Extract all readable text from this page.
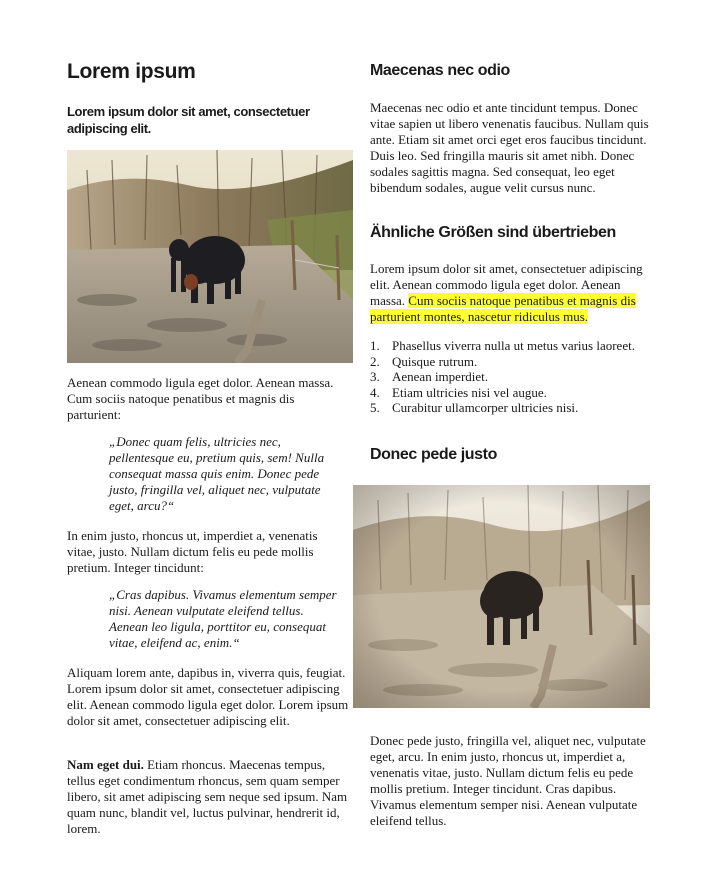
Lorem ipsum
Lorem ipsum dolor sit amet, consectetuer adipiscing elit.

Aenean commodo ligula eget dolor. Aenean massa. Cum sociis natoque penatibus et magnis dis parturient:

„Donec quam felis, ultricies nec, pellentesque eu, pretium quis, sem! Nulla consequat massa quis enim. Donec pede justo, fringilla vel, aliquet nec, vulputate eget, arcu?“

In enim justo, rhoncus ut, imperdiet a, venenatis vitae, justo. Nullam dictum felis eu pede mollis pretium. Integer tincidunt:

„Cras dapibus. Vivamus elementum semper nisi. Aenean vulputate eleifend tellus. Aenean leo ligula, porttitor eu, consequat vitae, eleifend ac, enim.“

Aliquam lorem ante, dapibus in, viverra quis, feugiat. Lorem ipsum dolor sit amet, consectetuer adipiscing elit. Aenean commodo ligula eget dolor. Lorem ipsum dolor sit amet, consectetuer adipiscing elit.

Nam eget dui. Etiam rhoncus. Maecenas tempus, tellus eget condimentum rhoncus, sem quam semper libero, sit amet adipiscing sem neque sed ipsum. Nam quam nunc, blandit vel, luctus pulvinar, hendrerit id, lorem.

Maecenas nec odio

Maecenas nec odio et ante tincidunt tempus. Donec vitae sapien ut libero venenatis faucibus. Nullam quis ante. Etiam sit amet orci eget eros faucibus tincidunt. Duis leo. Sed fringilla mauris sit amet nibh. Donec sodales sagittis magna. Sed consequat, leo eget bibendum sodales, augue velit cursus nunc.

Ähnliche Größen sind übertrieben

Lorem ipsum dolor sit amet, consectetuer adipiscing elit. Aenean commodo ligula eget dolor. Aenean massa. Cum sociis natoque penatibus et magnis dis parturient montes, nascetur ridiculus mus.

1. Phasellus viverra nulla ut metus varius laoreet.
2. Quisque rutrum.
3. Aenean imperdiet.
4. Etiam ultricies nisi vel augue.
5. Curabitur ullamcorper ultricies nisi.
Donec pede justo

Donec pede justo, fringilla vel, aliquet nec, vulputate eget, arcu. In enim justo, rhoncus ut, imperdiet a, venenatis vitae, justo. Nullam dictum felis eu pede mollis pretium. Integer tincidunt. Cras dapibus. Vivamus elementum semper nisi. Aenean vulputate eleifend tellus.
